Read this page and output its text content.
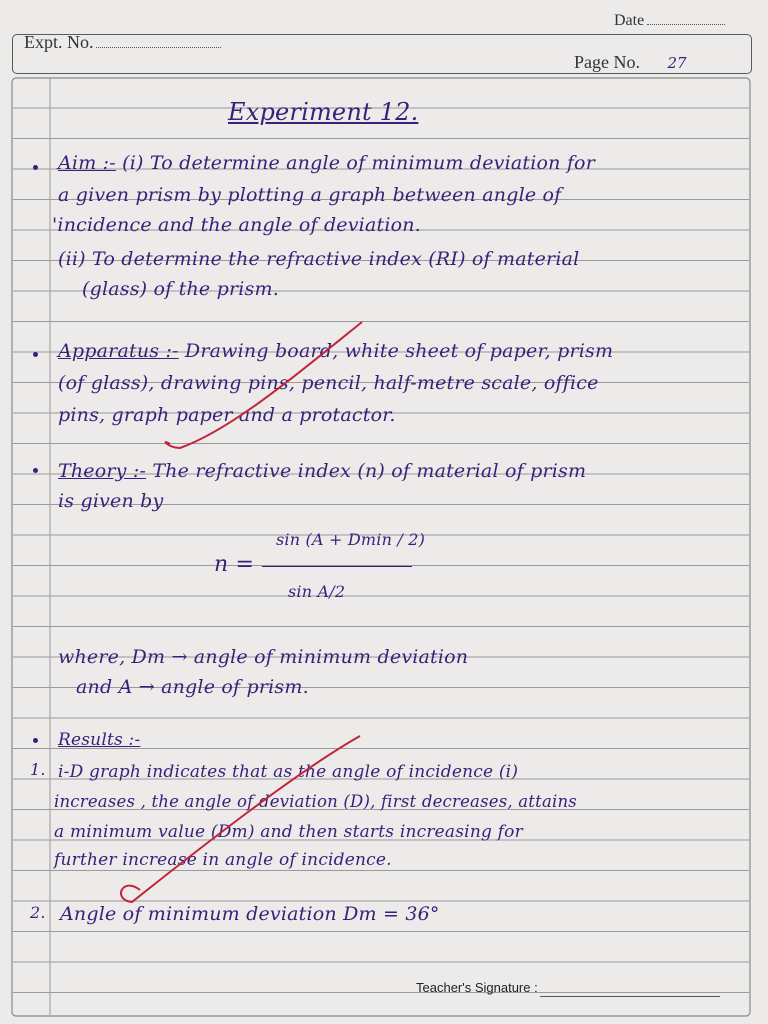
Date
Expt. No.
Page No. 27
Experiment 12.
Aim :- (i) To determine angle of minimum deviation for
a given prism by plotting a graph between angle of
'incidence and the angle of deviation.
(ii) To determine the refractive index (RI) of material
(glass) of the prism.
Apparatus :- Drawing board, white sheet of paper, prism
(of glass), drawing pins, pencil, half-metre scale, office
pins, graph paper and a protactor.
Theory :- The refractive index (n) of material of prism
is given by
n =
sin (A + Dmin / 2)
sin A/2
where, Dm → angle of minimum deviation
and A → angle of prism.
Results :-
1. i-D graph indicates that as the angle of incidence (i)
increases , the angle of deviation (D), first decreases, attains
a minimum value (Dm) and then starts increasing for
further increase in angle of incidence.
2. Angle of minimum deviation Dm = 36°
Teacher's Signature :
